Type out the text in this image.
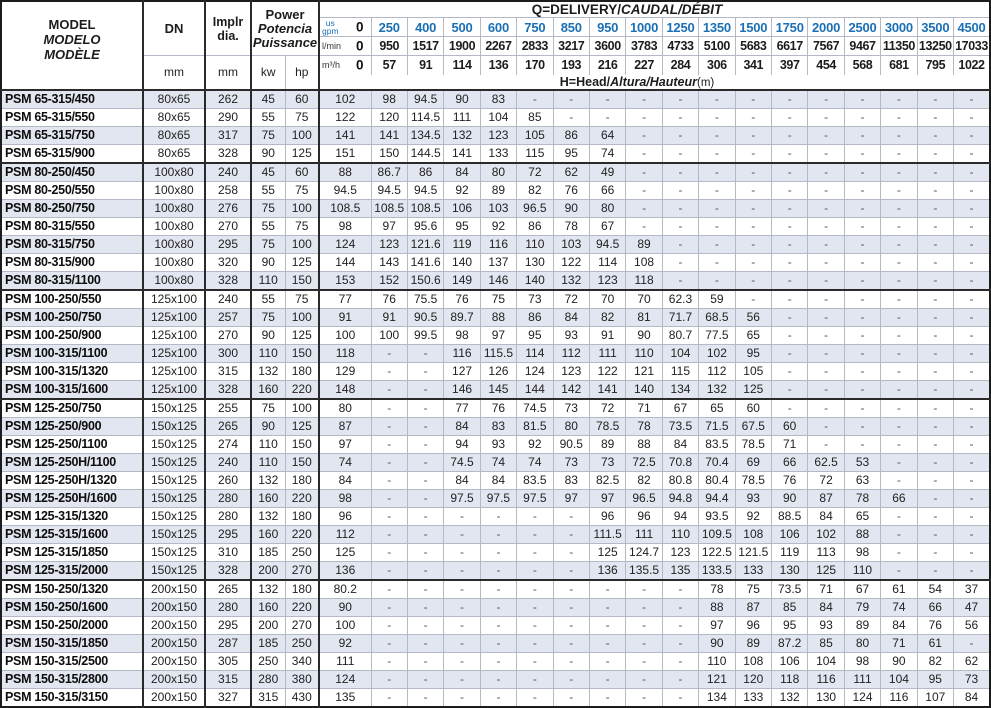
MODEL
MODELO
MODÈLE
	DN	Implr
dia.

Power
Potencia
Puissance
	Q=DELIVERY/CAUDAL/DÉBIT

					us
gpm 0	250	400	500	600	750	850	950	1000	1250	1350	1500	1750	2000	2500	3000	3500	4500

					l/min 0	950	1517	1900	2267	2833	3217	3600	3783	4733	5100	5683	6617	7567	9467	11350	13250	17033
	mm	mm	kw	hp	m³/h 0	57	91	114	136	170	193	216	227	284	306	341	397	454	568	681	795	1022
					H=Head/Altura/Hauteur(m)																	
PSM 65-315/450	80x65	262	45	60	102	98	94.5	90	83	-	-	-	-	-	-	-	-	-	-	-	-	-
PSM 65-315/550	80x65	290	55	75	122	120	114.5	111	104	85	-	-	-	-	-	-	-	-	-	-	-	-
PSM 65-315/750	80x65	317	75	100	141	141	134.5	132	123	105	86	64	-	-	-	-	-	-	-	-	-	-
PSM 65-315/900	80x65	328	90	125	151	150	144.5	141	133	115	95	74	-	-	-	-	-	-	-	-	-	-
PSM 80-250/450	100x80	240	45	60	88	86.7	86	84	80	72	62	49	-	-	-	-	-	-	-	-	-	-
PSM 80-250/550	100x80	258	55	75	94.5	94.5	94.5	92	89	82	76	66	-	-	-	-	-	-	-	-	-	-
PSM 80-250/750	100x80	276	75	100	108.5	108.5	108.5	106	103	96.5	90	80	-	-	-	-	-	-	-	-	-	-
PSM 80-315/550	100x80	270	55	75	98	97	95.6	95	92	86	78	67	-	-	-	-	-	-	-	-	-	-
PSM 80-315/750	100x80	295	75	100	124	123	121.6	119	116	110	103	94.5	89	-	-	-	-	-	-	-	-	-
PSM 80-315/900	100x80	320	90	125	144	143	141.6	140	137	130	122	114	108	-	-	-	-	-	-	-	-	-
PSM 80-315/1100	100x80	328	110	150	153	152	150.6	149	146	140	132	123	118	-	-	-	-	-	-	-	-	-
PSM 100-250/550	125x100	240	55	75	77	76	75.5	76	75	73	72	70	70	62.3	59	-	-	-	-	-	-	-
PSM 100-250/750	125x100	257	75	100	91	91	90.5	89.7	88	86	84	82	81	71.7	68.5	56	-	-	-	-	-	-
PSM 100-250/900	125x100	270	90	125	100	100	99.5	98	97	95	93	91	90	80.7	77.5	65	-	-	-	-	-	-
PSM 100-315/1100	125x100	300	110	150	118	-	-	116	115.5	114	112	111	110	104	102	95	-	-	-	-	-	-
PSM 100-315/1320	125x100	315	132	180	129	-	-	127	126	124	123	122	121	115	112	105	-	-	-	-	-	-
PSM 100-315/1600	125x100	328	160	220	148	-	-	146	145	144	142	141	140	134	132	125	-	-	-	-	-	-
PSM 125-250/750	150x125	255	75	100	80	-	-	77	76	74.5	73	72	71	67	65	60	-	-	-	-	-	-
PSM 125-250/900	150x125	265	90	125	87	-	-	84	83	81.5	80	78.5	78	73.5	71.5	67.5	60	-	-	-	-	-
PSM 125-250/1100	150x125	274	110	150	97	-	-	94	93	92	90.5	89	88	84	83.5	78.5	71	-	-	-	-	-
PSM 125-250H/1100	150x125	240	110	150	74	-	-	74.5	74	74	73	73	72.5	70.8	70.4	69	66	62.5	53	-	-	-
PSM 125-250H/1320	150x125	260	132	180	84	-	-	84	84	83.5	83	82.5	82	80.8	80.4	78.5	76	72	63	-	-	-
PSM 125-250H/1600	150x125	280	160	220	98	-	-	97.5	97.5	97.5	97	97	96.5	94.8	94.4	93	90	87	78	66	-	-
PSM 125-315/1320	150x125	280	132	180	96	-	-	-	-	-	-	96	96	94	93.5	92	88.5	84	65	-	-	-
PSM 125-315/1600	150x125	295	160	220	112	-	-	-	-	-	-	111.5	111	110	109.5	108	106	102	88	-	-	-
PSM 125-315/1850	150x125	310	185	250	125	-	-	-	-	-	-	125	124.7	123	122.5	121.5	119	113	98	-	-	-
PSM 125-315/2000	150x125	328	200	270	136	-	-	-	-	-	-	136	135.5	135	133.5	133	130	125	110	-	-	-
PSM 150-250/1320	200x150	265	132	180	80.2	-	-	-	-	-	-	-	-	-	78	75	73.5	71	67	61	54	37
PSM 150-250/1600	200x150	280	160	220	90	-	-	-	-	-	-	-	-	-	88	87	85	84	79	74	66	47
PSM 150-250/2000	200x150	295	200	270	100	-	-	-	-	-	-	-	-	-	97	96	95	93	89	84	76	56
PSM 150-315/1850	200x150	287	185	250	92	-	-	-	-	-	-	-	-	-	90	89	87.2	85	80	71	61	-
PSM 150-315/2500	200x150	305	250	340	111	-	-	-	-	-	-	-	-	-	110	108	106	104	98	90	82	62
PSM 150-315/2800	200x150	315	280	380	124	-	-	-	-	-	-	-	-	-	121	120	118	116	111	104	95	73
PSM 150-315/3150	200x150	327	315	430	135	-	-	-	-	-	-	-	-	-	134	133	132	130	124	116	107	84
